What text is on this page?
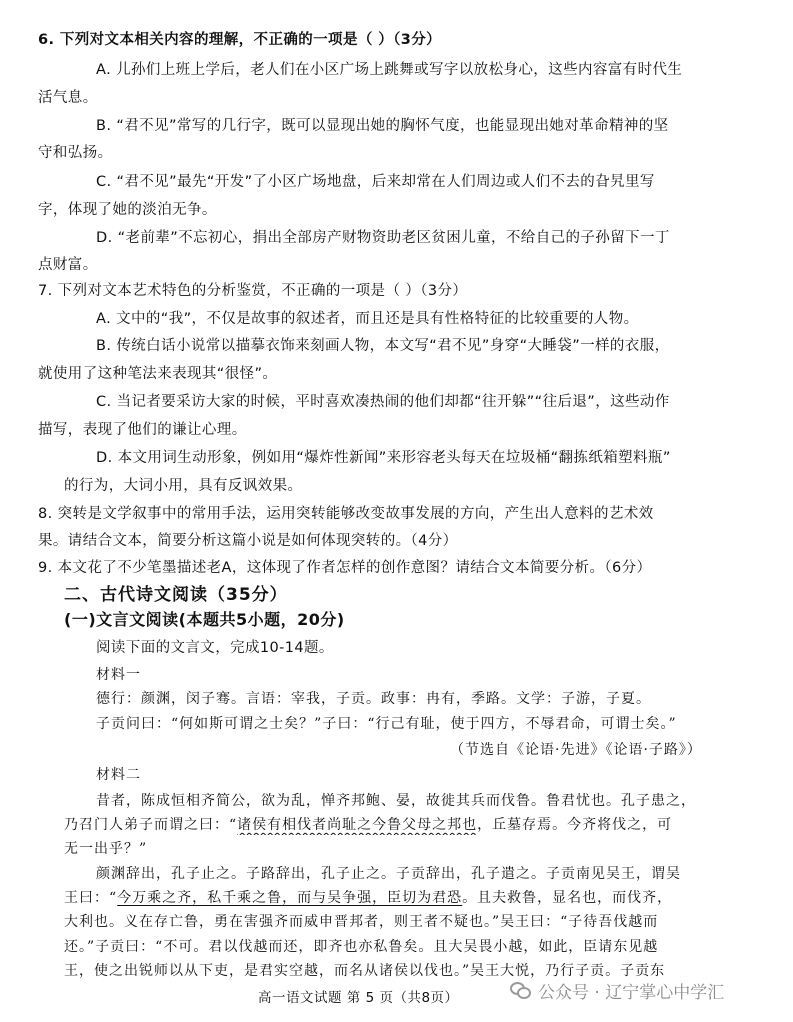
6. 下列对文本相关内容的理解，不正确的一项是（ ）（3分）
A. 儿孙们上班上学后，老人们在小区广场上跳舞或写字以放松身心，这些内容富有时代生
活气息。
B. “君不见”常写的几行字，既可以显现出她的胸怀气度，也能显现出她对革命精神的坚
守和弘扬。
C. “君不见”最先“开发”了小区广场地盘，后来却常在人们周边或人们不去的旮旯里写
字，体现了她的淡泊无争。
D. “老前辈”不忘初心，捐出全部房产财物资助老区贫困儿童，不给自己的子孙留下一丁
点财富。
7. 下列对文本艺术特色的分析鉴赏，不正确的一项是（ ）（3分）
A. 文中的“我”，不仅是故事的叙述者，而且还是具有性格特征的比较重要的人物。
B. 传统白话小说常以描摹衣饰来刻画人物，本文写“君不见”身穿“大睡袋”一样的衣服，
就使用了这种笔法来表现其“很怪”。
C. 当记者要采访大家的时候，平时喜欢凑热闹的他们却都“往开躲”“往后退”，这些动作
描写，表现了他们的谦让心理。
D. 本文用词生动形象，例如用“爆炸性新闻”来形容老头每天在垃圾桶“翻拣纸箱塑料瓶”
的行为，大词小用，具有反讽效果。
8. 突转是文学叙事中的常用手法，运用突转能够改变故事发展的方向，产生出人意料的艺术效
果。请结合文本，简要分析这篇小说是如何体现突转的。（4分）
9. 本文花了不少笔墨描述老A，这体现了作者怎样的创作意图？请结合文本简要分析。（6分）
二、古代诗文阅读（35分）
(一)文言文阅读(本题共5小题，20分)
阅读下面的文言文，完成10-14题。
材料一
德行：颜渊，闵子骞。言语：宰我，子贡。政事：冉有，季路。文学：子游，子夏。
子贡问曰：“何如斯可谓之士矣？”子曰：“行己有耻，使于四方，不辱君命，可谓士矣。”
（节选自《论语·先进》《论语·子路》）
材料二
昔者，陈成恒相齐简公，欲为乱，惮齐邦鲍、晏，故徙其兵而伐鲁。鲁君忧也。孔子患之，
乃召门人弟子而谓之曰：“诸侯有相伐者尚耻之今鲁父母之邦也，丘墓存焉。今齐将伐之，可
无一出乎？”
颜渊辞出，孔子止之。子路辞出，孔子止之。子贡辞出，孔子遣之。子贡南见吴王，谓吴
王曰：“今万乘之齐，私千乘之鲁，而与吴争强，臣切为君恐。且夫救鲁，显名也，而伐齐，
大利也。义在存亡鲁，勇在害强齐而威申晋邦者，则王者不疑也。”吴王曰：“子待吾伐越而
还。”子贡曰：“不可。君以伐越而还，即齐也亦私鲁矣。且大吴畏小越，如此，臣请东见越
王，使之出锐师以从下吏，是君实空越，而名从诸侯以伐也。”吴王大悦，乃行子贡。子贡东
高一语文试题 第 5 页（共8页）	公众号 · 辽宁掌心中学汇
